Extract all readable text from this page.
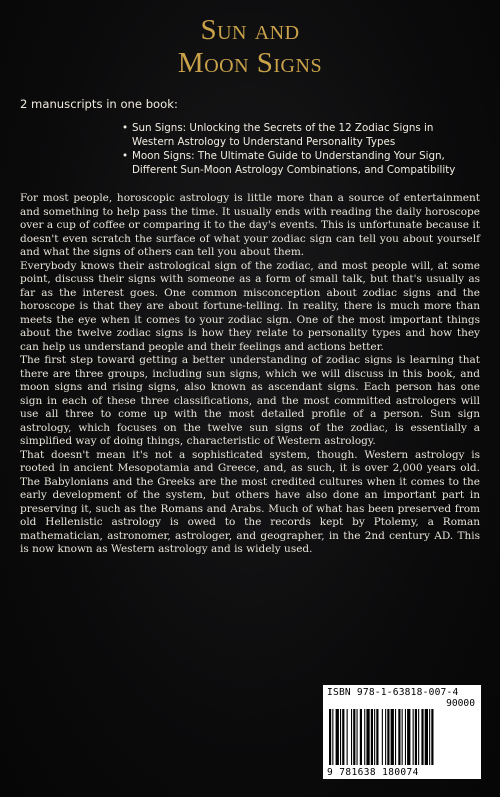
Sun and
Moon Signs
2 manuscripts in one book:
• Sun Signs: Unlocking the Secrets of the 12 Zodiac Signs in Western Astrology to Understand Personality Types
• Moon Signs: The Ultimate Guide to Understanding Your Sign, Different Sun-Moon Astrology Combinations, and Compatibility

For most people, horoscopic astrology is little more than a source of entertainment and something to help pass the time. It usually ends with reading the daily horoscope over a cup of coffee or comparing it to the day's events. This is unfortunate because it doesn't even scratch the surface of what your zodiac sign can tell you about yourself and what the signs of others can tell you about them.

Everybody knows their astrological sign of the zodiac, and most people will, at some point, discuss their signs with someone as a form of small talk, but that's usually as far as the interest goes. One common misconception about zodiac signs and the horoscope is that they are about fortune-telling. In reality, there is much more than meets the eye when it comes to your zodiac sign. One of the most important things about the twelve zodiac signs is how they relate to personality types and how they can help us understand people and their feelings and actions better.

The first step toward getting a better understanding of zodiac signs is learning that there are three groups, including sun signs, which we will discuss in this book, and moon signs and rising signs, also known as ascendant signs. Each person has one sign in each of these three classifications, and the most committed astrologers will use all three to come up with the most detailed profile of a person. Sun sign astrology, which focuses on the twelve sun signs of the zodiac, is essentially a simplified way of doing things, characteristic of Western astrology.

That doesn't mean it's not a sophisticated system, though. Western astrology is rooted in ancient Mesopotamia and Greece, and, as such, it is over 2,000 years old. The Babylonians and the Greeks are the most credited cultures when it comes to the early development of the system, but others have also done an important part in preserving it, such as the Romans and Arabs. Much of what has been preserved from old Hellenistic astrology is owed to the records kept by Ptolemy, a Roman mathematician, astronomer, astrologer, and geographer, in the 2nd century AD. This is now known as Western astrology and is widely used.

ISBN 978-1-63818-007-4
90000
9 781638 180074
